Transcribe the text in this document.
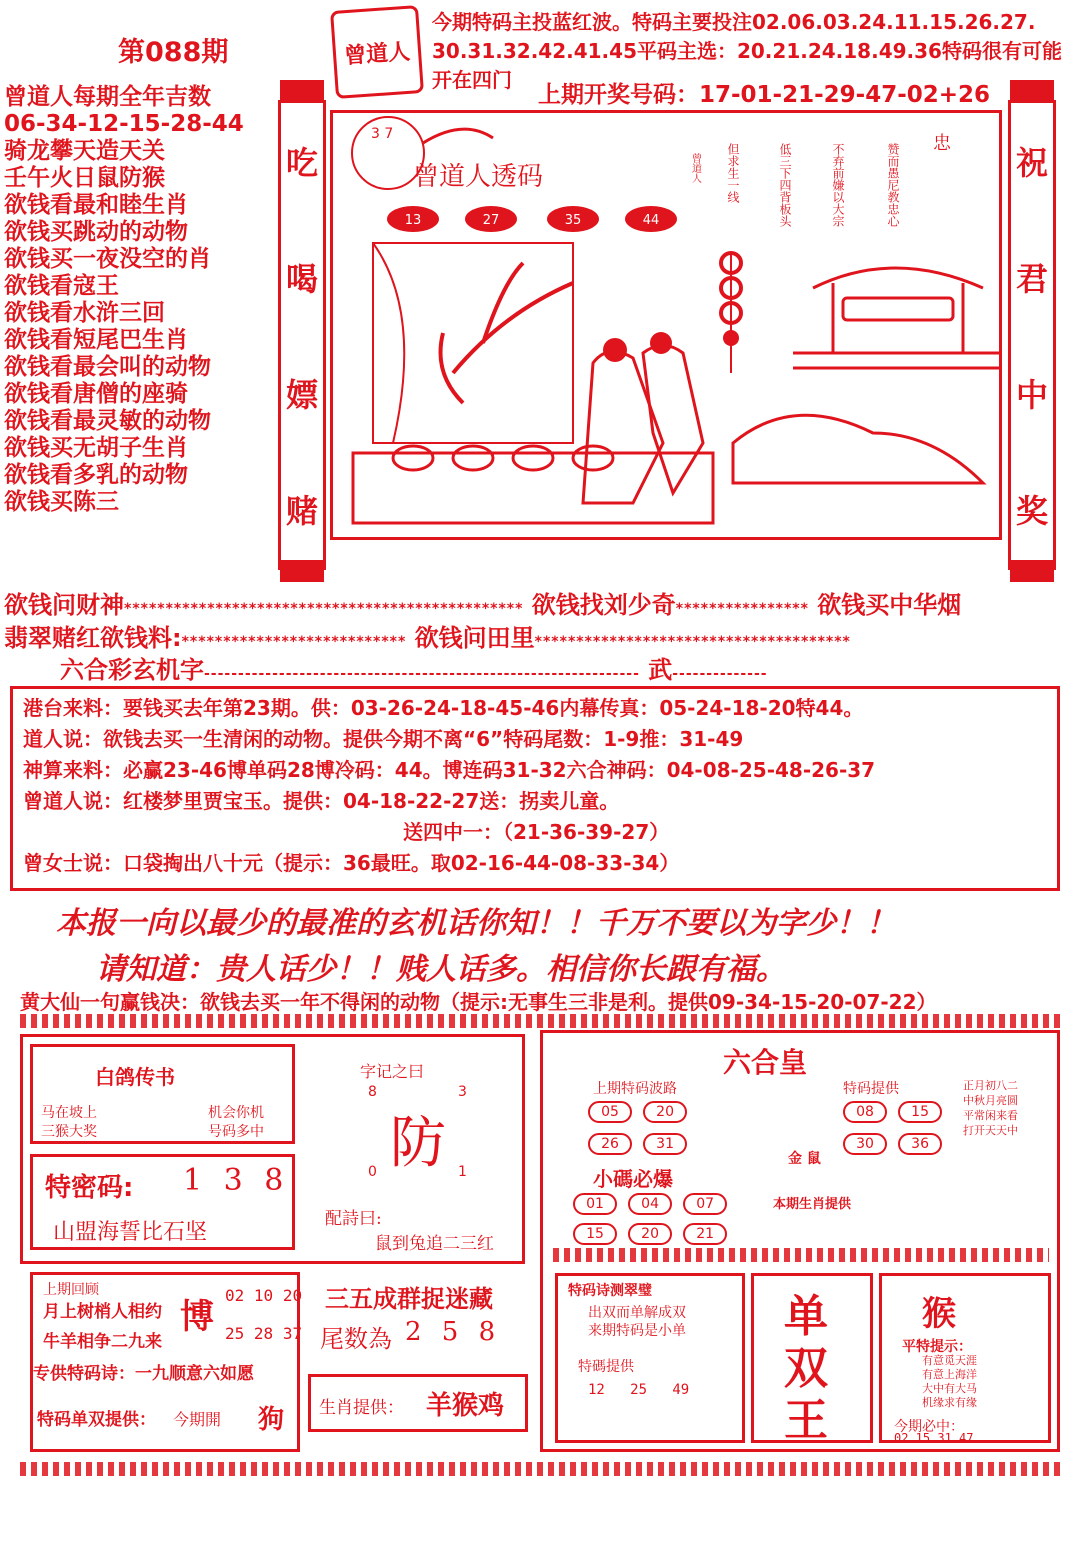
第088期	曾道人
今期特码主投蓝红波。特码主要投注02.06.03.24.11.15.26.27.
30.31.32.42.41.45平码主选：20.21.24.18.49.36特码很有可能
开在四门
上期开奖号码：17-01-21-29-47-02+26
曾道人每期全年吉数
06-34-12-15-28-44
骑龙攀天造天关
壬午火日鼠防猴
欲钱看最和睦生肖
欲钱买跳动的动物
欲钱买一夜没空的肖
欲钱看寇王
欲钱看水浒三回
欲钱看短尾巴生肖
欲钱看最会叫的动物
欲钱看唐僧的座骑
欲钱看最灵敏的动物
欲钱买无胡子生肖
欲钱看多乳的动物
欲钱买陈三
吃
喝
嫖
赌
祝
君
中
奖
13	27	35	44
3 7
曾道人透码
忠
赞而愚尼教忠心
不弃前嫌以大宗
低三下四背板头
但求生一线
曾道人
欲钱问财神************************************************ 欲钱找刘少奇**************** 欲钱买中华烟
翡翠赌红欲钱料:*************************** 欲钱问田里**************************************
六合彩玄机字---------------------------------------------------------------- 武--------------
港台来料：要钱买去年第23期。供：03-26-24-18-45-46内幕传真：05-24-18-20特44。
道人说：欲钱去买一生清闲的动物。提供今期不离“6”特码尾数：1-9推：31-49
神算来料：必赢23-46博单码28博冷码：44。博连码31-32六合神码：04-08-25-48-26-37
曾道人说：红楼梦里贾宝玉。提供：04-18-22-27送：拐卖儿童。
送四中一：（21-36-39-27）
曾女士说：口袋掏出八十元（提示：36最旺。取02-16-44-08-33-34）
本报一向以最少的最准的玄机话你知！！千万不要以为字少！！
请知道：贵人话少！！贱人话多。相信你长跟有福。
黄大仙一句赢钱决：欲钱去买一年不得闲的动物（提示:无事生三非是利。提供09-34-15-20-07-22）
白鸽传书
马在坡上
三猴大奖
机会你机
号码多中
特密码: 1 3 8
山盟海誓比石坚
字记之曰
防
8	3
0	1
配詩曰:
鼠到兔追二三红
上期回顾
月上树梢人相约
牛羊相争二九来
专供特码诗：一九顺意六如愿
特码单双提供： 今期開 狗
博
02 10 20
25 28 37
三五成群捉迷藏
尾数為 2 5 8
生肖提供： 羊猴鸡
六合皇
上期特码波路
05	20
26	31
特码提供
08	15
30	36
正月初八二
中秋月亮圆
平常闲来看
打开天天中
金 鼠
小碼必爆
01	04	07
15	20	21
本期生肖提供
特码诗测翠璧
出双而单解成双
来期特码是小单
特碼提供
12 25 49
单
双
王
猴
平特提示：
有意觅天涯
有意上海洋
大中有大马
机缘求有缘
今期必中：
02 15 31 47
